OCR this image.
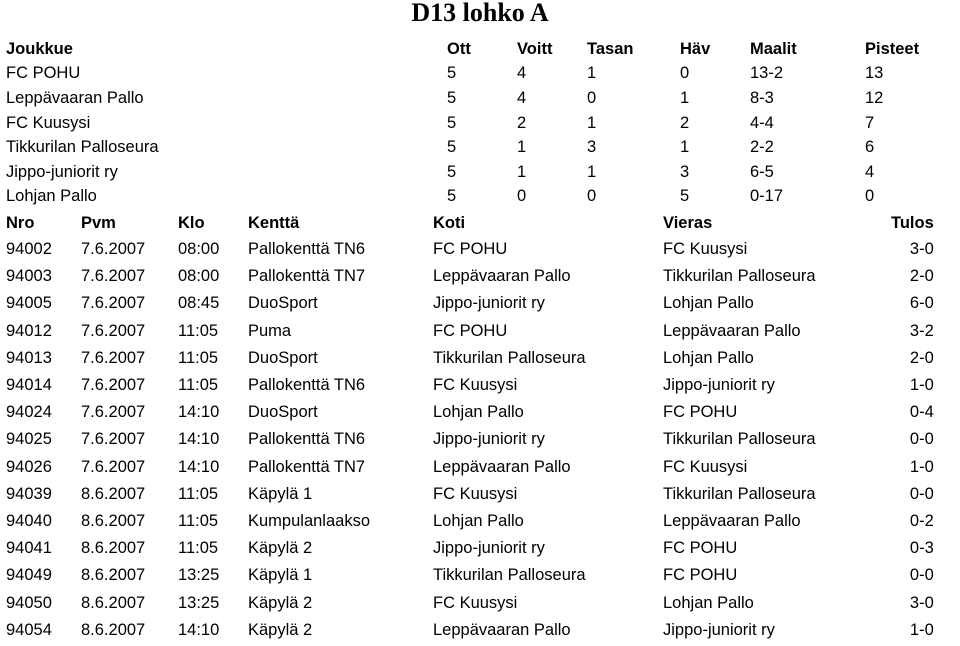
D13 lohko A
Joukkue	Ott	Voitt	Tasan	Häv	Maalit	Pisteet
FC POHU	5	4	1	0	13-2	13
Leppävaaran Pallo	5	4	0	1	8-3	12
FC Kuusysi	5	2	1	2	4-4	7
Tikkurilan Palloseura	5	1	3	1	2-2	6
Jippo-juniorit ry	5	1	1	3	6-5	4
Lohjan Pallo	5	0	0	5	0-17	0
Nro	Pvm	Klo	Kenttä	Koti	Vieras	Tulos
94002	7.6.2007	08:00	Pallokenttä TN6	FC POHU	FC Kuusysi	3-0
94003	7.6.2007	08:00	Pallokenttä TN7	Leppävaaran Pallo	Tikkurilan Palloseura	2-0
94005	7.6.2007	08:45	DuoSport	Jippo-juniorit ry	Lohjan Pallo	6-0
94012	7.6.2007	11:05	Puma	FC POHU	Leppävaaran Pallo	3-2
94013	7.6.2007	11:05	DuoSport	Tikkurilan Palloseura	Lohjan Pallo	2-0
94014	7.6.2007	11:05	Pallokenttä TN6	FC Kuusysi	Jippo-juniorit ry	1-0
94024	7.6.2007	14:10	DuoSport	Lohjan Pallo	FC POHU	0-4
94025	7.6.2007	14:10	Pallokenttä TN6	Jippo-juniorit ry	Tikkurilan Palloseura	0-0
94026	7.6.2007	14:10	Pallokenttä TN7	Leppävaaran Pallo	FC Kuusysi	1-0
94039	8.6.2007	11:05	Käpylä 1	FC Kuusysi	Tikkurilan Palloseura	0-0
94040	8.6.2007	11:05	Kumpulanlaakso	Lohjan Pallo	Leppävaaran Pallo	0-2
94041	8.6.2007	11:05	Käpylä 2	Jippo-juniorit ry	FC POHU	0-3
94049	8.6.2007	13:25	Käpylä 1	Tikkurilan Palloseura	FC POHU	0-0
94050	8.6.2007	13:25	Käpylä 2	FC Kuusysi	Lohjan Pallo	3-0
94054	8.6.2007	14:10	Käpylä 2	Leppävaaran Pallo	Jippo-juniorit ry	1-0
